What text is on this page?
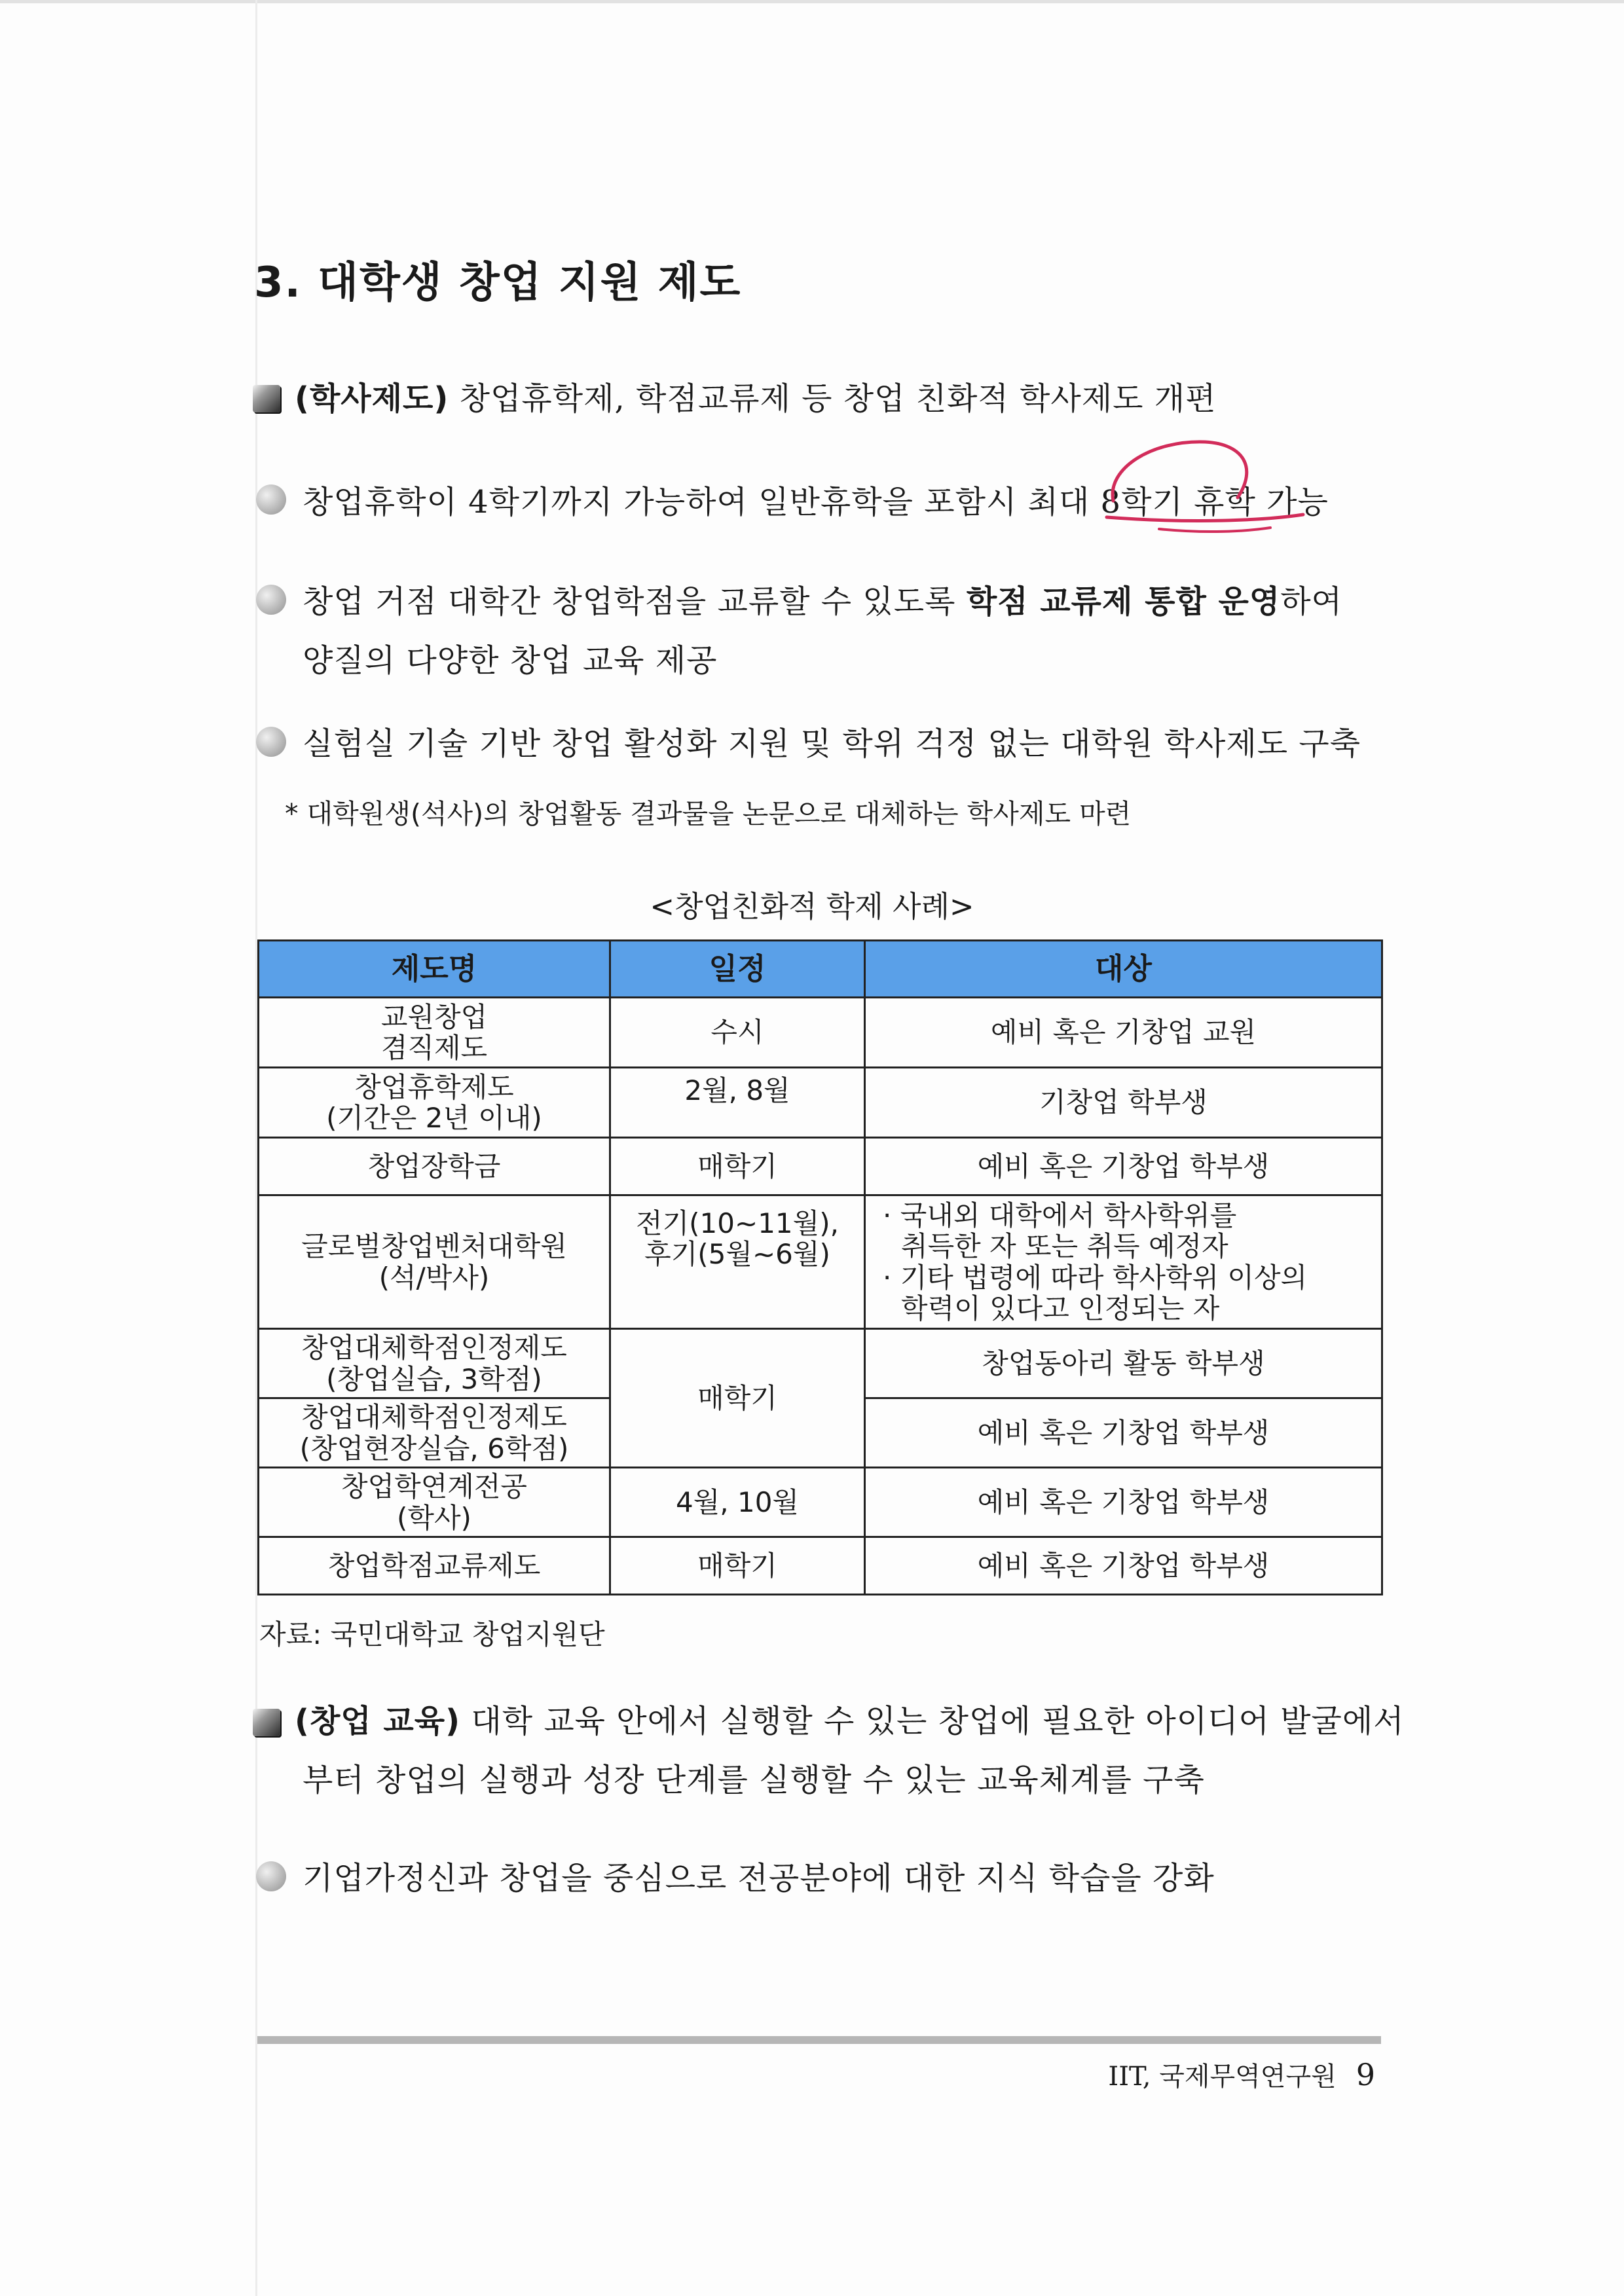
3. 대학생 창업 지원 제도
(학사제도) 창업휴학제, 학점교류제 등 창업 친화적 학사제도 개편
창업휴학이 4학기까지 가능하여 일반휴학을 포함시 최대 8학기 휴학 가능
창업 거점 대학간 창업학점을 교류할 수 있도록 학점 교류제 통합 운영하여
양질의 다양한 창업 교육 제공
실험실 기술 기반 창업 활성화 지원 및 학위 걱정 없는 대학원 학사제도 구축
* 대학원생(석사)의 창업활동 결과물을 논문으로 대체하는 학사제도 마련
<창업친화적 학제 사례>
제도명	일정	대상

교원창업
겸직제도	수시	예비 혹은 기창업 교원

창업휴학제도
(기간은 2년 이내)	2월, 8월	기창업 학부생

창업장학금	매학기	예비 혹은 기창업 학부생

글로벌창업벤처대학원
(석/박사)	전기(10~11월),
후기(5월~6월)	· 국내외 대학에서 학사학위를
취득한 자 또는 취득 예정자
· 기타 법령에 따라 학사학위 이상의
학력이 있다고 인정되는 자

창업대체학점인정제도
(창업실습, 3학점)	매학기	창업동아리 활동 학부생

창업대체학점인정제도
(창업현장실습, 6학점)		예비 혹은 기창업 학부생

창업학연계전공
(학사)	4월, 10월	예비 혹은 기창업 학부생

창업학점교류제도	매학기	예비 혹은 기창업 학부생
자료: 국민대학교 창업지원단
(창업 교육) 대학 교육 안에서 실행할 수 있는 창업에 필요한 아이디어 발굴에서
부터 창업의 실행과 성장 단계를 실행할 수 있는 교육체계를 구축
기업가정신과 창업을 중심으로 전공분야에 대한 지식 학습을 강화
IIT, 국제무역연구원 9
